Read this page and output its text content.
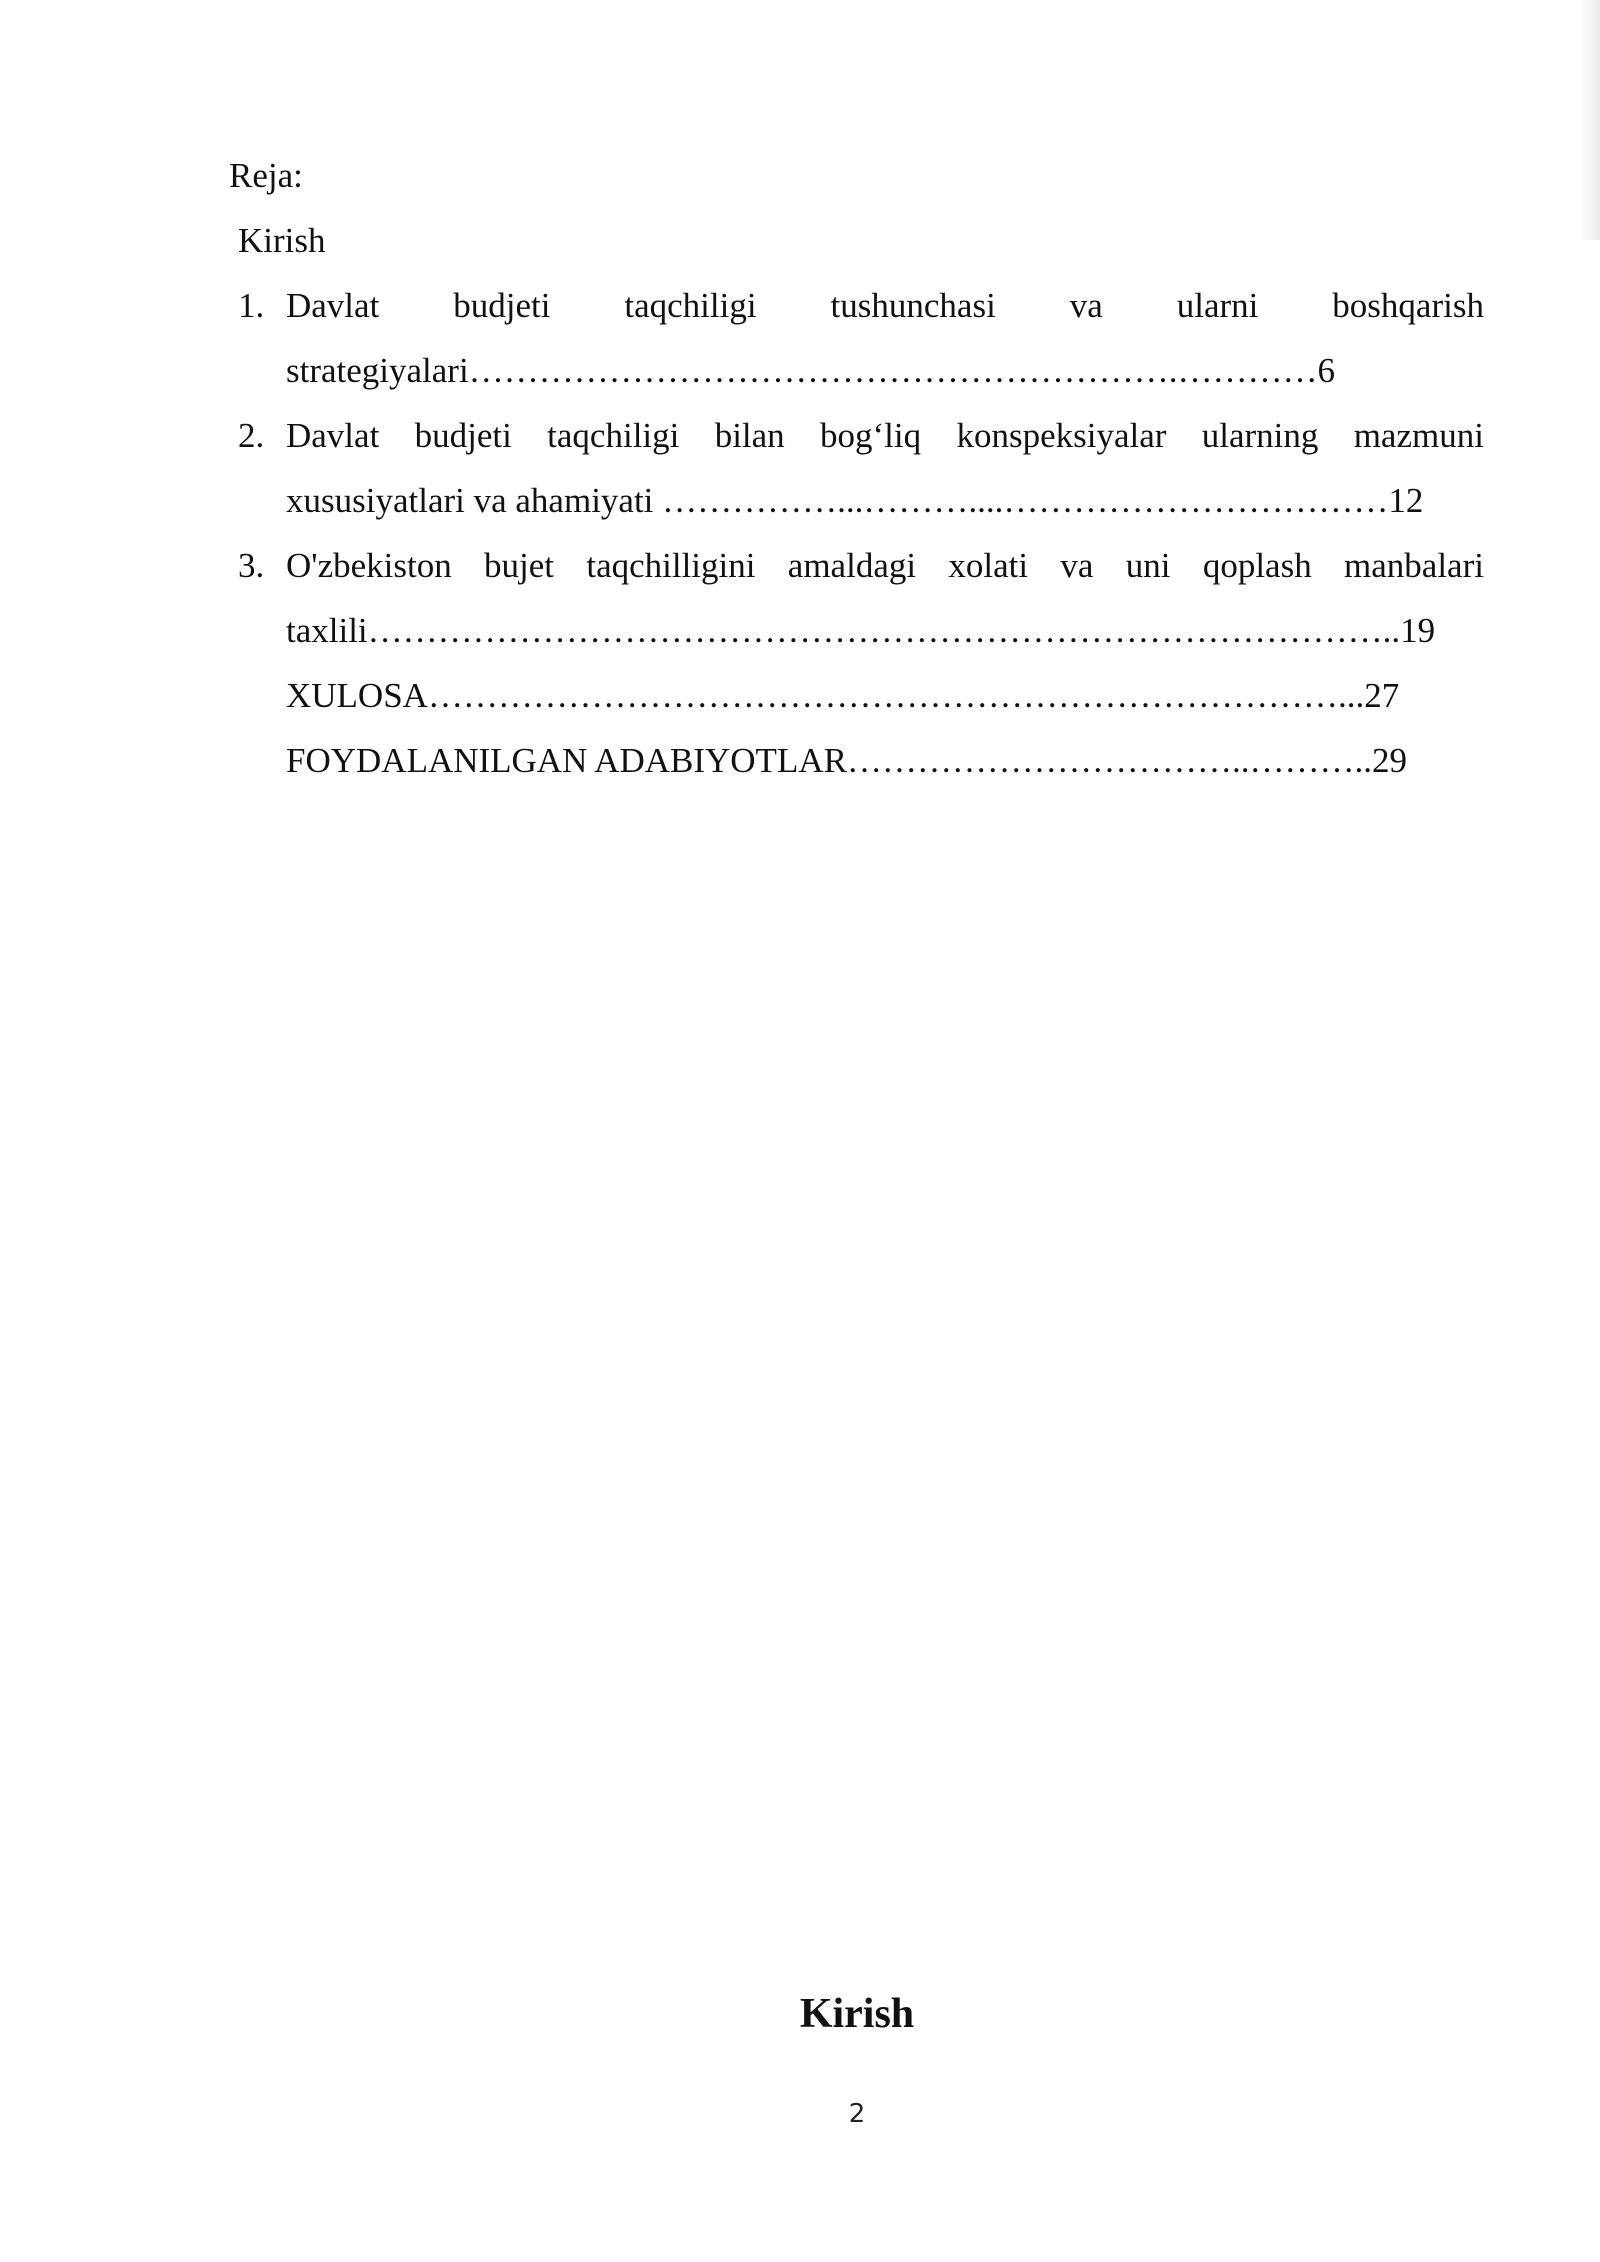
Reja:
Kirish
1. Davlat budjeti taqchiligi tushunchasi va ularni boshqarish
strategiyalari…………………………………………………….…………6
2. Davlat budjeti taqchiligi bilan bog‘liq konspeksiyalar ularning mazmuni
xususiyatlari va ahamiyati ……………...………....……………………………12
3. O'zbekiston bujet taqchilligini amaldagi xolati va uni qoplash manbalari
taxlili……………………………………………………………………………..19
XULOSA……………………………………………………………………...27
FOYDALANILGAN ADABIYOTLAR……………………………..………..29
Kirish
2
